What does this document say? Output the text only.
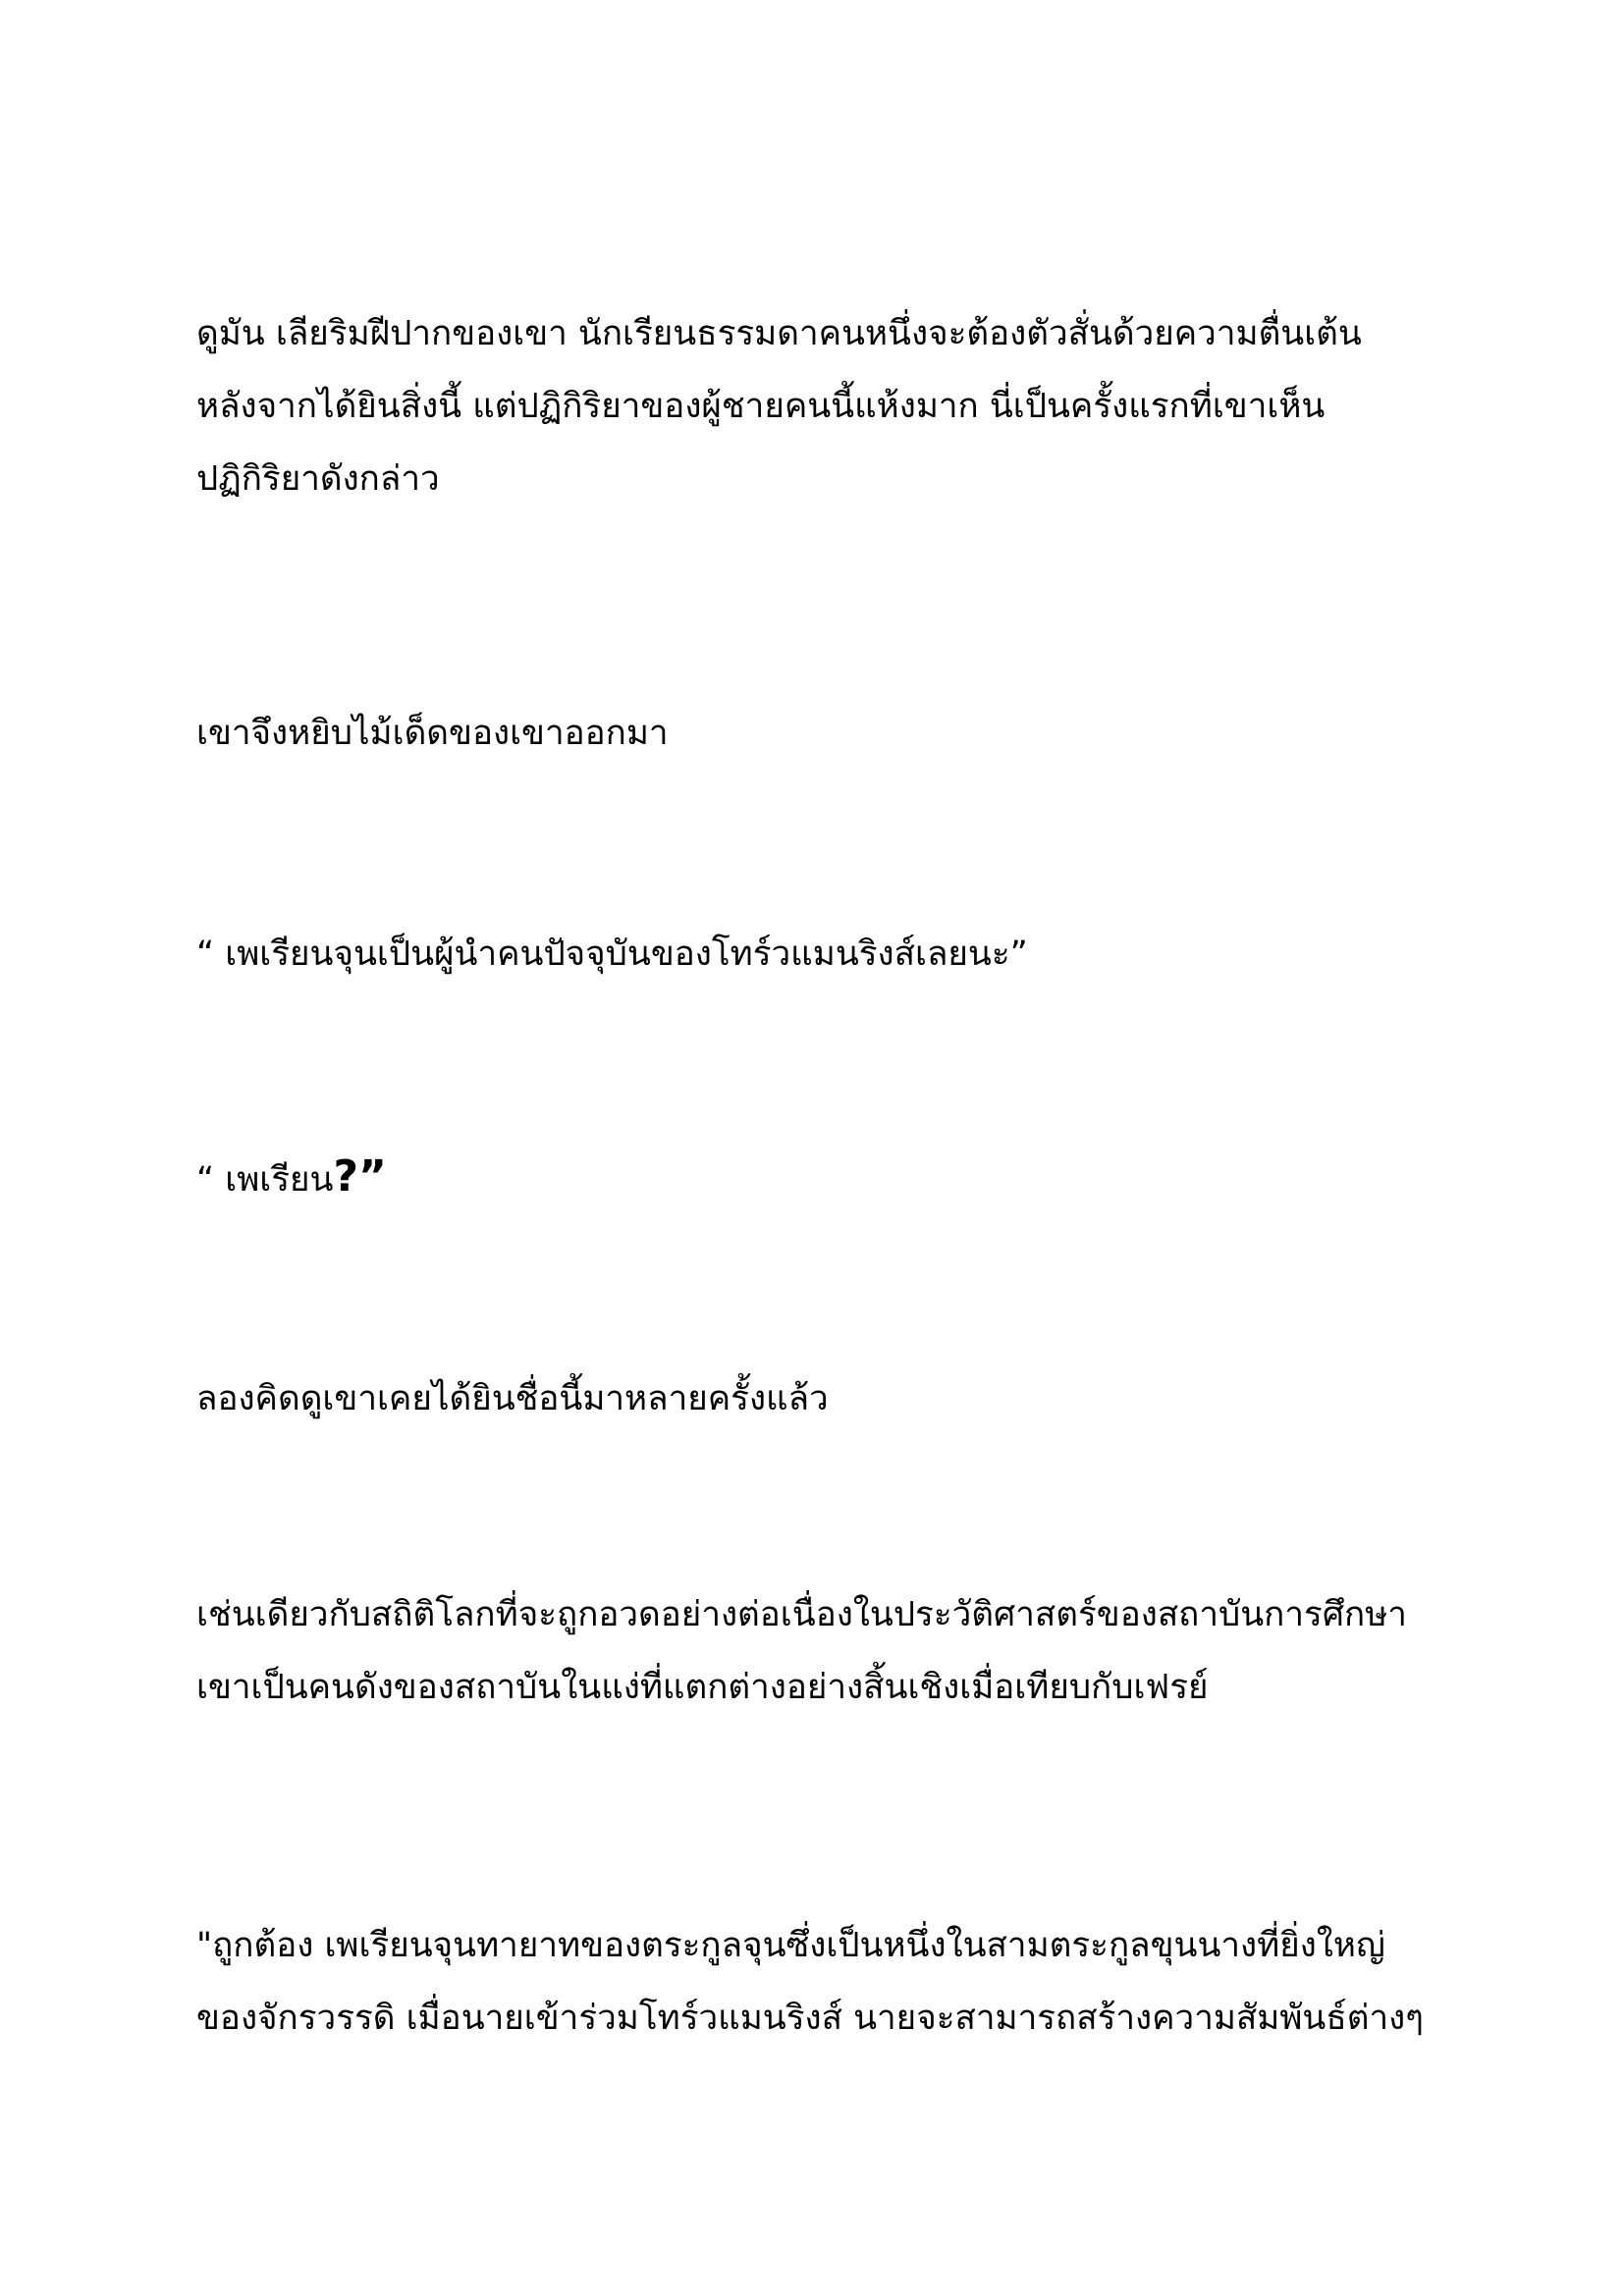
ดูมัน เลียริมฝีปากของเขา นักเรียนธรรมดาคนหนึ่งจะต้องตัวสั่นด้วยความตื่นเต้น
หลังจากได้ยินสิ่งนี้ แต่ปฏิกิริยาของผู้ชายคนนี้แห้งมาก นี่เป็นครั้งแรกที่เขาเห็น
ปฏิกิริยาดังกล่าว
เขาจึงหยิบไม้เด็ดของเขาออกมา
“ เพเรียนจุนเป็นผู้นำคนปัจจุบันของโทร์วแมนริงส์เลยนะ”
“ เพเรียน?”
ลองคิดดูเขาเคยได้ยินชื่อนี้มาหลายครั้งแล้ว
เช่นเดียวกับสถิติโลกที่จะถูกอวดอย่างต่อเนื่องในประวัติศาสตร์ของสถาบันการศึกษา
เขาเป็นคนดังของสถาบันในแง่ที่แตกต่างอย่างสิ้นเชิงเมื่อเทียบกับเฟรย์
"ถูกต้อง เพเรียนจุนทายาทของตระกูลจุนซึ่งเป็นหนึ่งในสามตระกูลขุนนางที่ยิ่งใหญ่
ของจักรวรรดิ เมื่อนายเข้าร่วมโทร์วแมนริงส์ นายจะสามารถสร้างความสัมพันธ์ต่างๆ
